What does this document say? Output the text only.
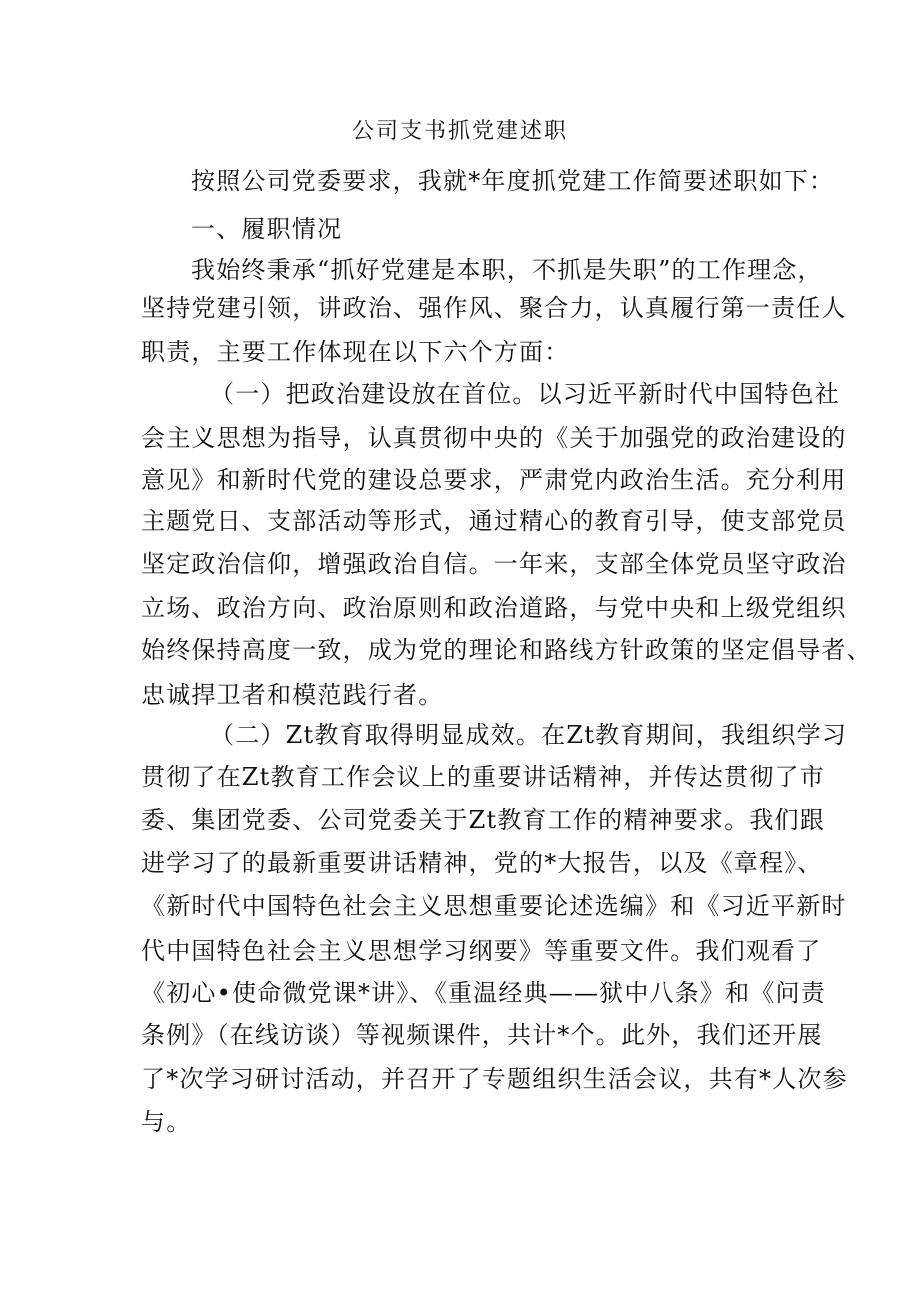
公司支书抓党建述职
按照公司党委要求，我就*年度抓党建工作简要述职如下：
一、履职情况
我始终秉承“抓好党建是本职，不抓是失职”的工作理念，
坚持党建引领，讲政治、强作风、聚合力，认真履行第一责任人
职责，主要工作体现在以下六个方面：
（一）把政治建设放在首位。以习近平新时代中国特色社
会主义思想为指导，认真贯彻中央的《关于加强党的政治建设的
意见》和新时代党的建设总要求，严肃党内政治生活。充分利用
主题党日、支部活动等形式，通过精心的教育引导，使支部党员
坚定政治信仰，增强政治自信。一年来，支部全体党员坚守政治
立场、政治方向、政治原则和政治道路，与党中央和上级党组织
始终保持高度一致，成为党的理论和路线方针政策的坚定倡导者、
忠诚捍卫者和模范践行者。
（二）Zt教育取得明显成效。在Zt教育期间，我组织学习
贯彻了在Zt教育工作会议上的重要讲话精神，并传达贯彻了市
委、集团党委、公司党委关于Zt教育工作的精神要求。我们跟
进学习了的最新重要讲话精神，党的*大报告，以及《章程》、
《新时代中国特色社会主义思想重要论述选编》和《习近平新时
代中国特色社会主义思想学习纲要》等重要文件。我们观看了
《初心•使命微党课*讲》、《重温经典——狱中八条》和《问责
条例》（在线访谈）等视频课件，共计*个。此外，我们还开展
了*次学习研讨活动，并召开了专题组织生活会议，共有*人次参
与。
